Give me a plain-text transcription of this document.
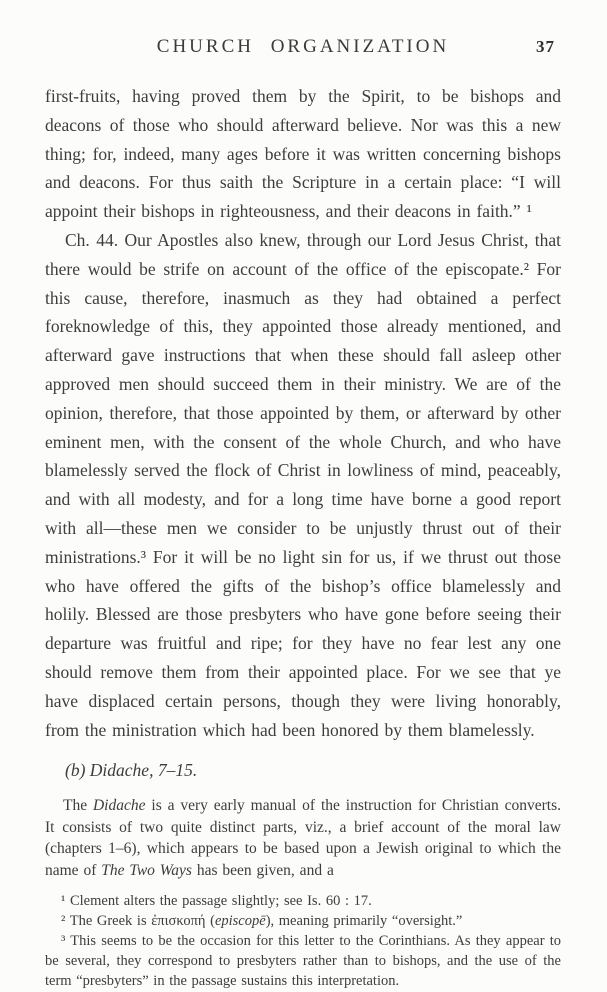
CHURCH ORGANIZATION	37

first-fruits, having proved them by the Spirit, to be bishops and deacons of those who should afterward believe. Nor was this a new thing; for, indeed, many ages before it was written concerning bishops and deacons. For thus saith the Scripture in a certain place: “I will appoint their bishops in righteousness, and their deacons in faith.” ¹

Ch. 44. Our Apostles also knew, through our Lord Jesus Christ, that there would be strife on account of the office of the episcopate.² For this cause, therefore, inasmuch as they had obtained a perfect foreknowledge of this, they appointed those already mentioned, and afterward gave instructions that when these should fall asleep other approved men should succeed them in their ministry. We are of the opinion, therefore, that those appointed by them, or afterward by other eminent men, with the consent of the whole Church, and who have blamelessly served the flock of Christ in lowliness of mind, peaceably, and with all modesty, and for a long time have borne a good report with all—these men we consider to be unjustly thrust out of their ministrations.³ For it will be no light sin for us, if we thrust out those who have offered the gifts of the bishop’s office blamelessly and holily. Blessed are those presbyters who have gone before seeing their departure was fruitful and ripe; for they have no fear lest any one should remove them from their appointed place. For we see that ye have displaced certain persons, though they were living honorably, from the ministration which had been honored by them blamelessly.

(b) Didache, 7–15.

The Didache is a very early manual of the instruction for Christian converts. It consists of two quite distinct parts, viz., a brief account of the moral law (chapters 1–6), which appears to be based upon a Jewish original to which the name of The Two Ways has been given, and a

¹ Clement alters the passage slightly; see Is. 60 : 17.

² The Greek is ἐπισκοπή (episcopē), meaning primarily “oversight.”

³ This seems to be the occasion for this letter to the Corinthians. As they appear to be several, they correspond to presbyters rather than to bishops, and the use of the term “presbyters” in the passage sustains this interpretation.
